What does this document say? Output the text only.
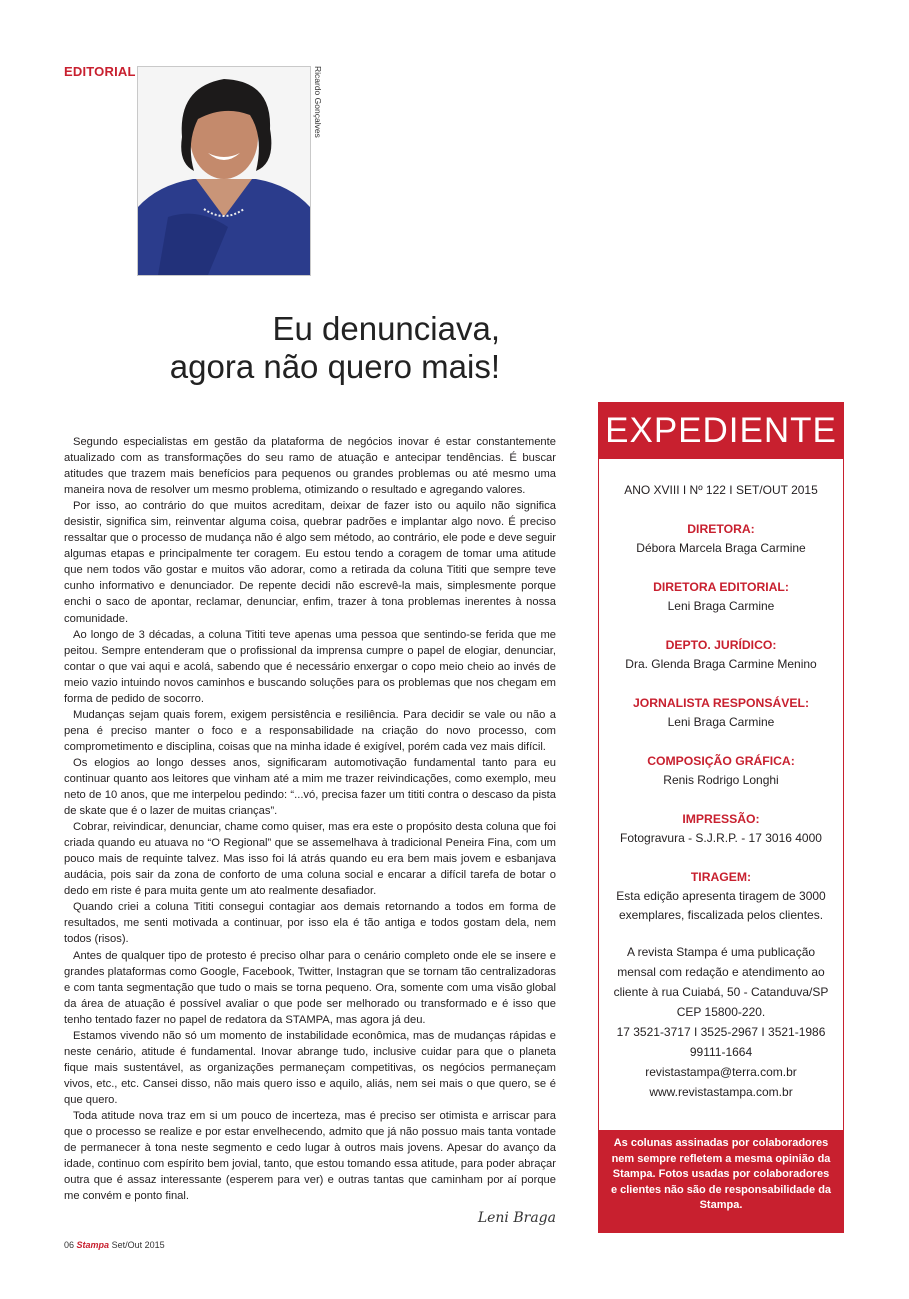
EDITORIAL	Ricardo Gonçalves
Eu denunciava,
agora não quero mais!

Segundo especialistas em gestão da plataforma de negócios inovar é estar constantemente atualizado com as transformações do seu ramo de atuação e antecipar tendências. É buscar atitudes que trazem mais benefícios para pequenos ou grandes problemas ou até mesmo uma maneira nova de resolver um mesmo problema, otimizando o resultado e agregando valores.

Por isso, ao contrário do que muitos acreditam, deixar de fazer isto ou aquilo não significa desistir, significa sim, reinventar alguma coisa, quebrar padrões e implantar algo novo. É preciso ressaltar que o processo de mudança não é algo sem método, ao contrário, ele pode e deve seguir algumas etapas e principalmente ter coragem. Eu estou tendo a coragem de tomar uma atitude que nem todos vão gostar e muitos vão adorar, como a retirada da coluna Tititi que sempre teve cunho informativo e denunciador. De repente decidi não escrevê-la mais, simplesmente porque enchi o saco de apontar, reclamar, denunciar, enfim, trazer à tona problemas inerentes à nossa comunidade.

Ao longo de 3 décadas, a coluna Tititi teve apenas uma pessoa que sentindo-se ferida que me peitou. Sempre entenderam que o profissional da imprensa cumpre o papel de elogiar, denunciar, contar o que vai aqui e acolá, sabendo que é necessário enxergar o copo meio cheio ao invés de meio vazio intuindo novos caminhos e buscando soluções para os problemas que nos chegam em forma de pedido de socorro.

Mudanças sejam quais forem, exigem persistência e resiliência. Para decidir se vale ou não a pena é preciso manter o foco e a responsabilidade na criação do novo processo, com comprometimento e disciplina, coisas que na minha idade é exigível, porém cada vez mais difícil.

Os elogios ao longo desses anos, significaram automotivação fundamental tanto para eu continuar quanto aos leitores que vinham até a mim me trazer reivindicações, como exemplo, meu neto de 10 anos, que me interpelou pedindo: “...vó, precisa fazer um tititi contra o descaso da pista de skate que é o lazer de muitas crianças”.

Cobrar, reivindicar, denunciar, chame como quiser, mas era este o propósito desta coluna que foi criada quando eu atuava no “O Regional” que se assemelhava à tradicional Peneira Fina, com um pouco mais de requinte talvez. Mas isso foi lá atrás quando eu era bem mais jovem e esbanjava audácia, pois sair da zona de conforto de uma coluna social e encarar a difícil tarefa de botar o dedo em riste é para muita gente um ato realmente desafiador.

Quando criei a coluna Tititi consegui contagiar aos demais retornando a todos em forma de resultados, me senti motivada a continuar, por isso ela é tão antiga e todos gostam dela, nem todos (risos).

Antes de qualquer tipo de protesto é preciso olhar para o cenário completo onde ele se insere e grandes plataformas como Google, Facebook, Twitter, Instagran que se tornam tão centralizadoras e com tanta segmentação que tudo o mais se torna pequeno. Ora, somente com uma visão global da área de atuação é possível avaliar o que pode ser melhorado ou transformado e é isso que tenho tentado fazer no papel de redatora da STAMPA, mas agora já deu.

Estamos vivendo não só um momento de instabilidade econômica, mas de mudanças rápidas e neste cenário, atitude é fundamental. Inovar abrange tudo, inclusive cuidar para que o planeta fique mais sustentável, as organizações permaneçam competitivas, os negócios permaneçam vivos, etc., etc. Cansei disso, não mais quero isso e aquilo, aliás, nem sei mais o que quero, se é que quero.

Toda atitude nova traz em si um pouco de incerteza, mas é preciso ser otimista e arriscar para que o processo se realize e por estar envelhecendo, admito que já não possuo mais tanta vontade de permanecer à tona neste segmento e cedo lugar à outros mais jovens. Apesar do avanço da idade, continuo com espírito bem jovial, tanto, que estou tomando essa atitude, para poder abraçar outra que é assaz interessante (esperem para ver) e outras tantas que caminham por aí porque me convém e ponto final.

Leni Braga
06 Stampa Set/Out 2015
EXPEDIENTE
ANO XVIII I Nº 122 I SET/OUT 2015
DIRETORA:
Débora Marcela Braga Carmine
DIRETORA EDITORIAL:
Leni Braga Carmine
DEPTO. JURÍDICO:
Dra. Glenda Braga Carmine Menino
JORNALISTA RESPONSÁVEL:
Leni Braga Carmine
COMPOSIÇÃO GRÁFICA:
Renis Rodrigo Longhi
IMPRESSÃO:
Fotogravura - S.J.R.P. - 17 3016 4000
TIRAGEM:
Esta edição apresenta tiragem de 3000 exemplares, fiscalizada pelos clientes.
A revista Stampa é uma publicação mensal com redação e atendimento ao cliente à rua Cuiabá, 50 - Catanduva/SP CEP 15800-220.
17 3521-3717 I 3525-2967 I 3521-1986
99111-1664
revistastampa@terra.com.br
www.revistastampa.com.br
As colunas assinadas por colaboradores nem sempre refletem a mesma opinião da Stampa. Fotos usadas por colaboradores e clientes não são de responsabilidade da Stampa.
